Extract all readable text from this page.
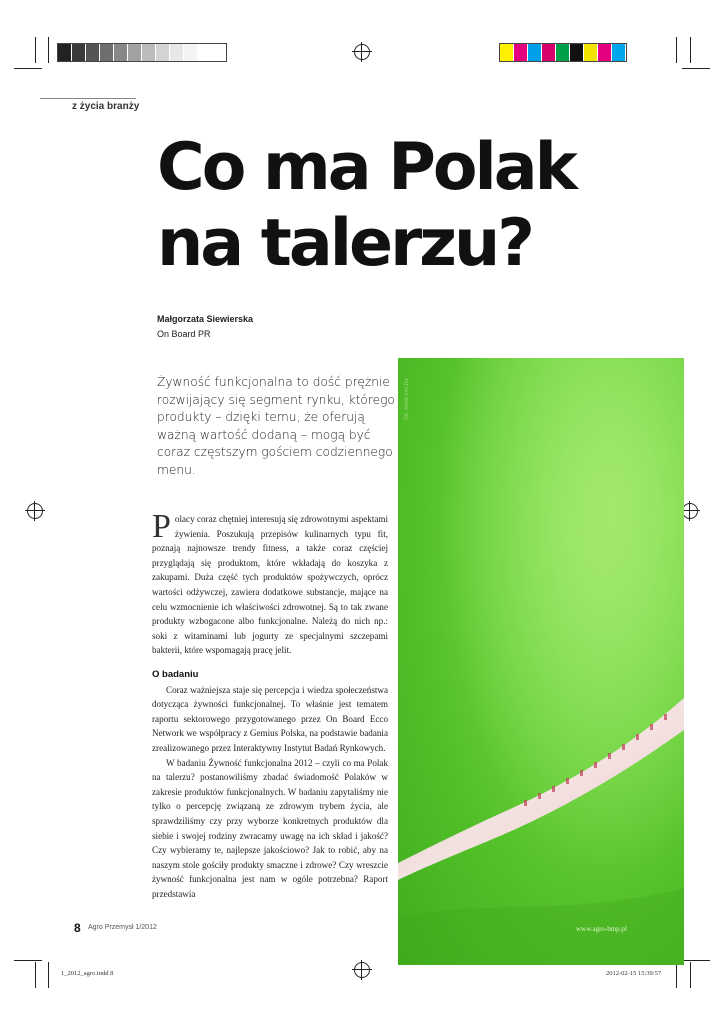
z życia branży
Co ma Polak
na talerzu?
Małgorzata Siewierska
On Board PR
Żywność funkcjonalna to dość prężnie rozwijający się segment rynku, którego produkty – dzięki temu, że oferują ważną wartość dodaną – mogą być coraz częstszym gościem codziennego menu.

Polacy coraz chętniej interesują się zdrowotnymi aspektami żywienia. Poszukują przepisów kulinarnych typu fit, poznają najnowsze trendy fitness, a także coraz częściej przyglądają się produktom, które wkładają do koszyka z zakupami. Duża część tych produktów spożywczych, oprócz wartości odżywczej, zawiera dodatkowe substancje, mające na celu wzmocnienie ich właściwości zdrowotnej. Są to tak zwane produkty wzbogacone albo funkcjonalne. Należą do nich np.: soki z witaminami lub jogurty ze specjalnymi szczepami bakterii, które wspomagają pracę jelit.

O badaniu

Coraz ważniejsza staje się percepcja i wiedza społeczeństwa dotycząca żywności funkcjonalnej. To właśnie jest tematem raportu sektorowego przygotowanego przez On Board Ecco Network we współpracy z Gemius Polska, na podstawie badania zrealizowanego przez Interaktywny Instytut Badań Rynkowych.

W badaniu Żywność funkcjonalna 2012 – czyli co ma Polak na talerzu? postanowiliśmy zbadać świadomość Polaków w zakresie produktów funkcjonalnych. W badaniu zapytaliśmy nie tylko o percepcję związaną ze zdrowym trybem życia, ale sprawdziliśmy czy przy wyborze konkretnych produktów dla siebie i swojej rodziny zwracamy uwagę na ich skład i jakość? Czy wybieramy te, najlepsze jakościowo? Jak to robić, aby na naszym stole gościły produkty smaczne i zdrowe? Czy wreszcie żywność funkcjonalna jest nam w ogóle potrzebna? Raport przedstawia

fot. www.sxc.hu
www.agro-bmp.pl
8 Agro Przemysł 1/2012
1_2012_agro.indd 8	2012-02-15 15:39:57
